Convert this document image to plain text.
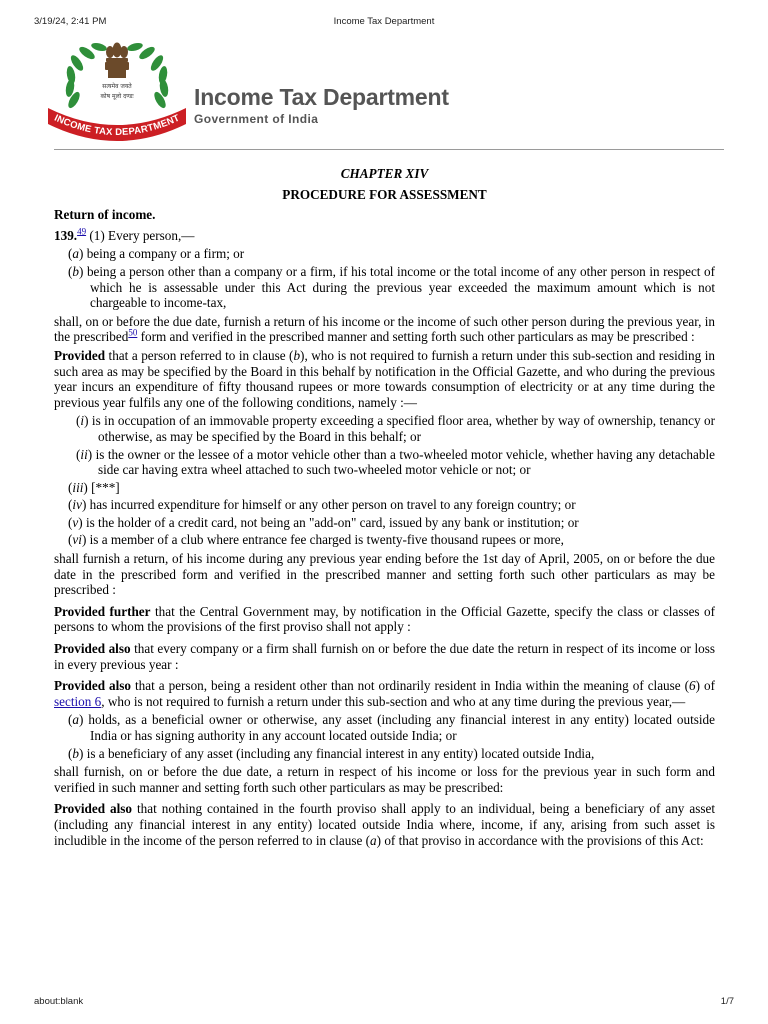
3/19/24, 2:41 PM	Income Tax Department
सत्यमेव जयते
कोष मूलो दण्डः
INCOME TAX DEPARTMENT
Income Tax Department
Government of India

CHAPTER XIV

PROCEDURE FOR ASSESSMENT

Return of income.

139.49 (1) Every person,—

(a) being a company or a firm; or

(b) being a person other than a company or a firm, if his total income or the total income of any other person in respect of which he is assessable under this Act during the previous year exceeded the maximum amount which is not chargeable to income-tax,

shall, on or before the due date, furnish a return of his income or the income of such other person during the previous year, in the prescribed$^{50}$ form and verified in the prescribed manner and setting forth such other particulars as may be prescribed :

Provided that a person referred to in clause (b), who is not required to furnish a return under this sub-section and residing in such area as may be specified by the Board in this behalf by notification in the Official Gazette, and who during the previous year incurs an expenditure of fifty thousand rupees or more towards consumption of electricity or at any time during the previous year fulfils any one of the following conditions, namely :—

(i) is in occupation of an immovable property exceeding a specified floor area, whether by way of ownership, tenancy or otherwise, as may be specified by the Board in this behalf; or

(ii) is the owner or the lessee of a motor vehicle other than a two-wheeled motor vehicle, whether having any detachable side car having extra wheel attached to such two-wheeled motor vehicle or not; or

(iii) [***]

(iv) has incurred expenditure for himself or any other person on travel to any foreign country; or

(v) is the holder of a credit card, not being an "add-on" card, issued by any bank or institution; or

(vi) is a member of a club where entrance fee charged is twenty-five thousand rupees or more,

shall furnish a return, of his income during any previous year ending before the 1st day of April, 2005, on or before the due date in the prescribed form and verified in the prescribed manner and setting forth such other particulars as may be prescribed :

Provided further that the Central Government may, by notification in the Official Gazette, specify the class or classes of persons to whom the provisions of the first proviso shall not apply :

Provided also that every company or a firm shall furnish on or before the due date the return in respect of its income or loss in every previous year :

Provided also that a person, being a resident other than not ordinarily resident in India within the meaning of clause (6) of section 6, who is not required to furnish a return under this sub-section and who at any time during the previous year,—

(a) holds, as a beneficial owner or otherwise, any asset (including any financial interest in any entity) located outside India or has signing authority in any account located outside India; or

(b) is a beneficiary of any asset (including any financial interest in any entity) located outside India,

shall furnish, on or before the due date, a return in respect of his income or loss for the previous year in such form and verified in such manner and setting forth such other particulars as may be prescribed:

Provided also that nothing contained in the fourth proviso shall apply to an individual, being a beneficiary of any asset (including any financial interest in any entity) located outside India where, income, if any, arising from such asset is includible in the income of the person referred to in clause (a) of that proviso in accordance with the provisions of this Act:

about:blank	1/7
